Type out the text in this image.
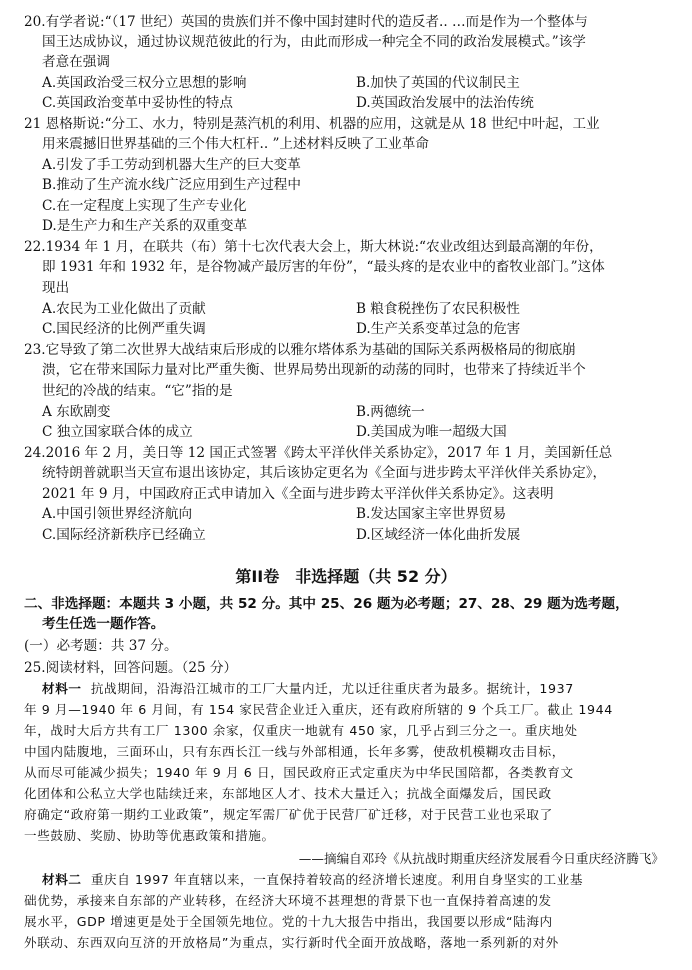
20.有学者说:“（17 世纪）英国的贵族们并不像中国封建时代的造反者.. …而是作为一个整体与
国王达成协议，通过协议规范彼此的行为，由此而形成一种完全不同的政治发展模式。”该学
者意在强调
A.英国政治受三权分立思想的影响	B.加快了英国的代议制民主
C.英国政治变革中妥协性的特点	D.英国政治发展中的法治传统
21 恩格斯说:“分工、水力，特别是蒸汽机的利用、机器的应用，这就是从 18 世纪中叶起，工业
用来震撼旧世界基础的三个伟大杠杆.. ”上述材料反映了工业革命
A.引发了手工劳动到机器大生产的巨大变革
B.推动了生产流水线广泛应用到生产过程中
C.在一定程度上实现了生产专业化
D.是生产力和生产关系的双重变革
22.1934 年 1 月，在联共（布）第十七次代表大会上，斯大林说:“农业改组达到最高潮的年份，
即 1931 年和 1932 年，是谷物减产最厉害的年份”，“最头疼的是农业中的畜牧业部门。”这体
现出
A.农民为工业化做出了贡献	B 粮食税挫伤了农民积极性
C.国民经济的比例严重失调	D.生产关系变革过急的危害
23.它导致了第二次世界大战结束后形成的以雅尔塔体系为基础的国际关系两极格局的彻底崩
溃，它在带来国际力量对比严重失衡、世界局势出现新的动荡的同时，也带来了持续近半个
世纪的冷战的结束。“它”指的是
A 东欧剧变	B.两德统一
C 独立国家联合体的成立	D.美国成为唯一超级大国
24.2016 年 2 月，美日等 12 国正式签署《跨太平洋伙伴关系协定》，2017 年 1 月，美国新任总
统特朗普就职当天宣布退出该协定，其后该协定更名为《全面与进步跨太平洋伙伴关系协定》，
2021 年 9 月，中国政府正式申请加入《全面与进步跨太平洋伙伴关系协定》。这表明
A.中国引领世界经济航向	B.发达国家主宰世界贸易
C.国际经济新秩序已经确立	D.区域经济一体化曲折发展
第II卷　非选择题（共 52 分）
二、非选择题：本题共 3 小题，共 52 分。其中 25、26 题为必考题；27、28、29 题为选考题，
考生任选一题作答。
(一）必考题：共 37 分。
25.阅读材料，回答问题。（25 分）
材料一 抗战期间，沿海沿江城市的工厂大量内迁，尤以迁往重庆者为最多。据统计，1937
年 9 月—1940 年 6 月间，有 154 家民营企业迁入重庆，还有政府所辖的 9 个兵工厂。截止 1944
年，战时大后方共有工厂 1300 余家，仅重庆一地就有 450 家，几乎占到三分之一。重庆地处
中国内陆腹地，三面环山，只有东西长江一线与外部相通，长年多雾，使敌机模糊攻击目标，
从而尽可能减少损失；1940 年 9 月 6 日，国民政府正式定重庆为中华民国陪都，各类教育文
化团体和公私立大学也陆续迁来，东部地区人才、技术大量迁入；抗战全面爆发后，国民政
府确定“政府第一期约工业政策”，规定军需厂矿优于民营厂矿迁移，对于民营工业也采取了
一些鼓励、奖励、协助等优惠政策和措施。
——摘编自邓玲《从抗战时期重庆经济发展看今日重庆经济腾飞》
材料二 重庆自 1997 年直辖以来，一直保持着较高的经济增长速度。利用自身坚实的工业基
础优势，承接来自东部的产业转移，在经济大环境不甚理想的背景下也一直保持着高速的发
展水平，GDP 增速更是处于全国领先地位。党的十九大报告中指出，我国要以形成“陆海内
外联动、东西双向互济的开放格局”为重点，实行新时代全面开放战略，落地一系列新的对外
